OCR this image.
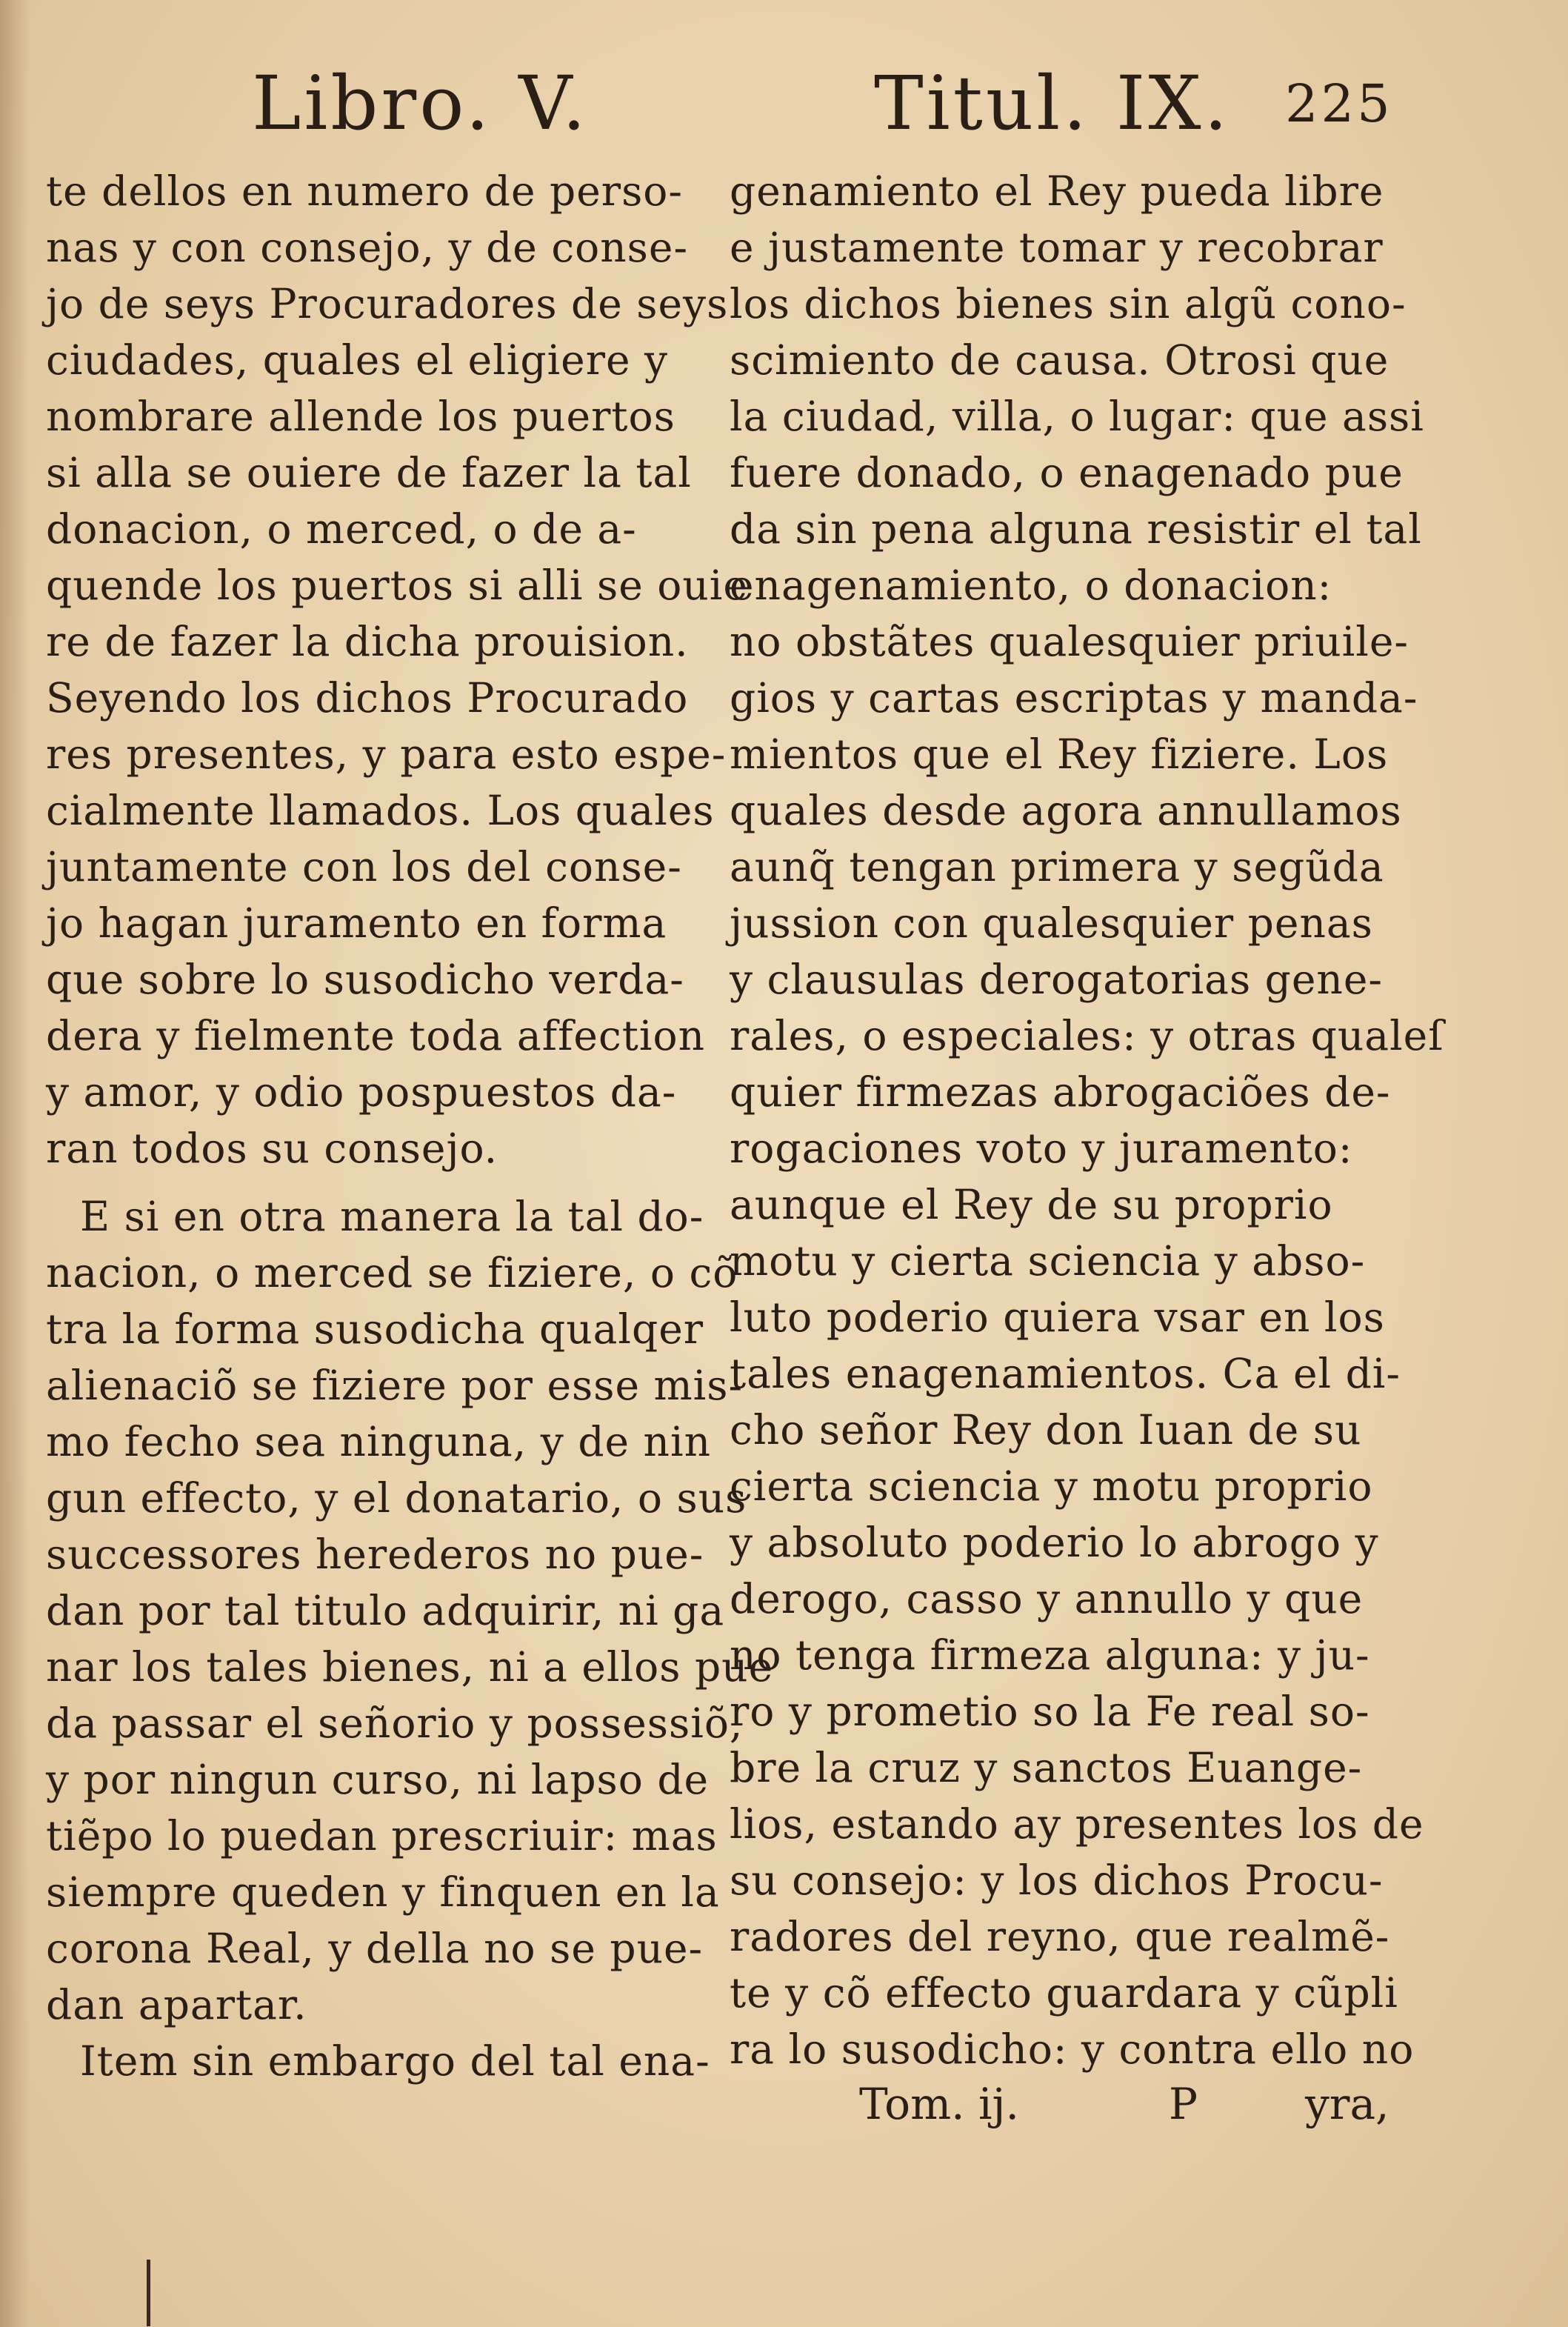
Libro. V.	Titul. IX. 225
te dellos en numero de perso-
nas y con consejo, y de conse-
jo de seys Procuradores de seys
ciudades, quales el eligiere y
nombrare allende los puertos
si alla se ouiere de fazer la tal
donacion, o merced, o de a-
quende los puertos si alli se ouie
re de fazer la dicha prouision.
Seyendo los dichos Procurado
res presentes, y para esto espe-
cialmente llamados. Los quales
juntamente con los del conse-
jo hagan juramento en forma
que sobre lo susodicho verda-
dera y fielmente toda affection
y amor, y odio pospuestos da-
ran todos su consejo.
E si en otra manera la tal do-
nacion, o merced se fiziere, o cõ
tra la forma susodicha qualqer
alienaciõ se fiziere por esse mis-
mo fecho sea ninguna, y de nin
gun effecto, y el donatario, o sus
successores herederos no pue-
dan por tal titulo adquirir, ni ga
nar los tales bienes, ni a ellos pue
da passar el señorio y possessiõ,
y por ningun curso, ni lapso de
tiẽpo lo puedan prescriuir: mas
siempre queden y finquen en la
corona Real, y della no se pue-
dan apartar.
Item sin embargo del tal ena-
genamiento el Rey pueda libre
e justamente tomar y recobrar
los dichos bienes sin algũ cono-
scimiento de causa. Otrosi que
la ciudad, villa, o lugar: que assi
fuere donado, o enagenado pue
da sin pena alguna resistir el tal
enagenamiento, o donacion:
no obstãtes qualesquier priuile-
gios y cartas escriptas y manda-
mientos que el Rey fiziere. Los
quales desde agora annullamos
aunq̃ tengan primera y segũda
jussion con qualesquier penas
y clausulas derogatorias gene-
rales, o especiales: y otras qualeſ
quier firmezas abrogaciões de-
rogaciones voto y juramento:
aunque el Rey de su proprio
motu y cierta sciencia y abso-
luto poderio quiera vsar en los
tales enagenamientos. Ca el di-
cho señor Rey don Iuan de su
cierta sciencia y motu proprio
y absoluto poderio lo abrogo y
derogo, casso y annullo y que
no tenga firmeza alguna: y ju-
ro y prometio so la Fe real so-
bre la cruz y sanctos Euange-
lios, estando ay presentes los de
su consejo: y los dichos Procu-
radores del reyno, que realmẽ-
te y cõ effecto guardara y cũpli
ra lo susodicho: y contra ello no
Tom. ij.	P yra,
